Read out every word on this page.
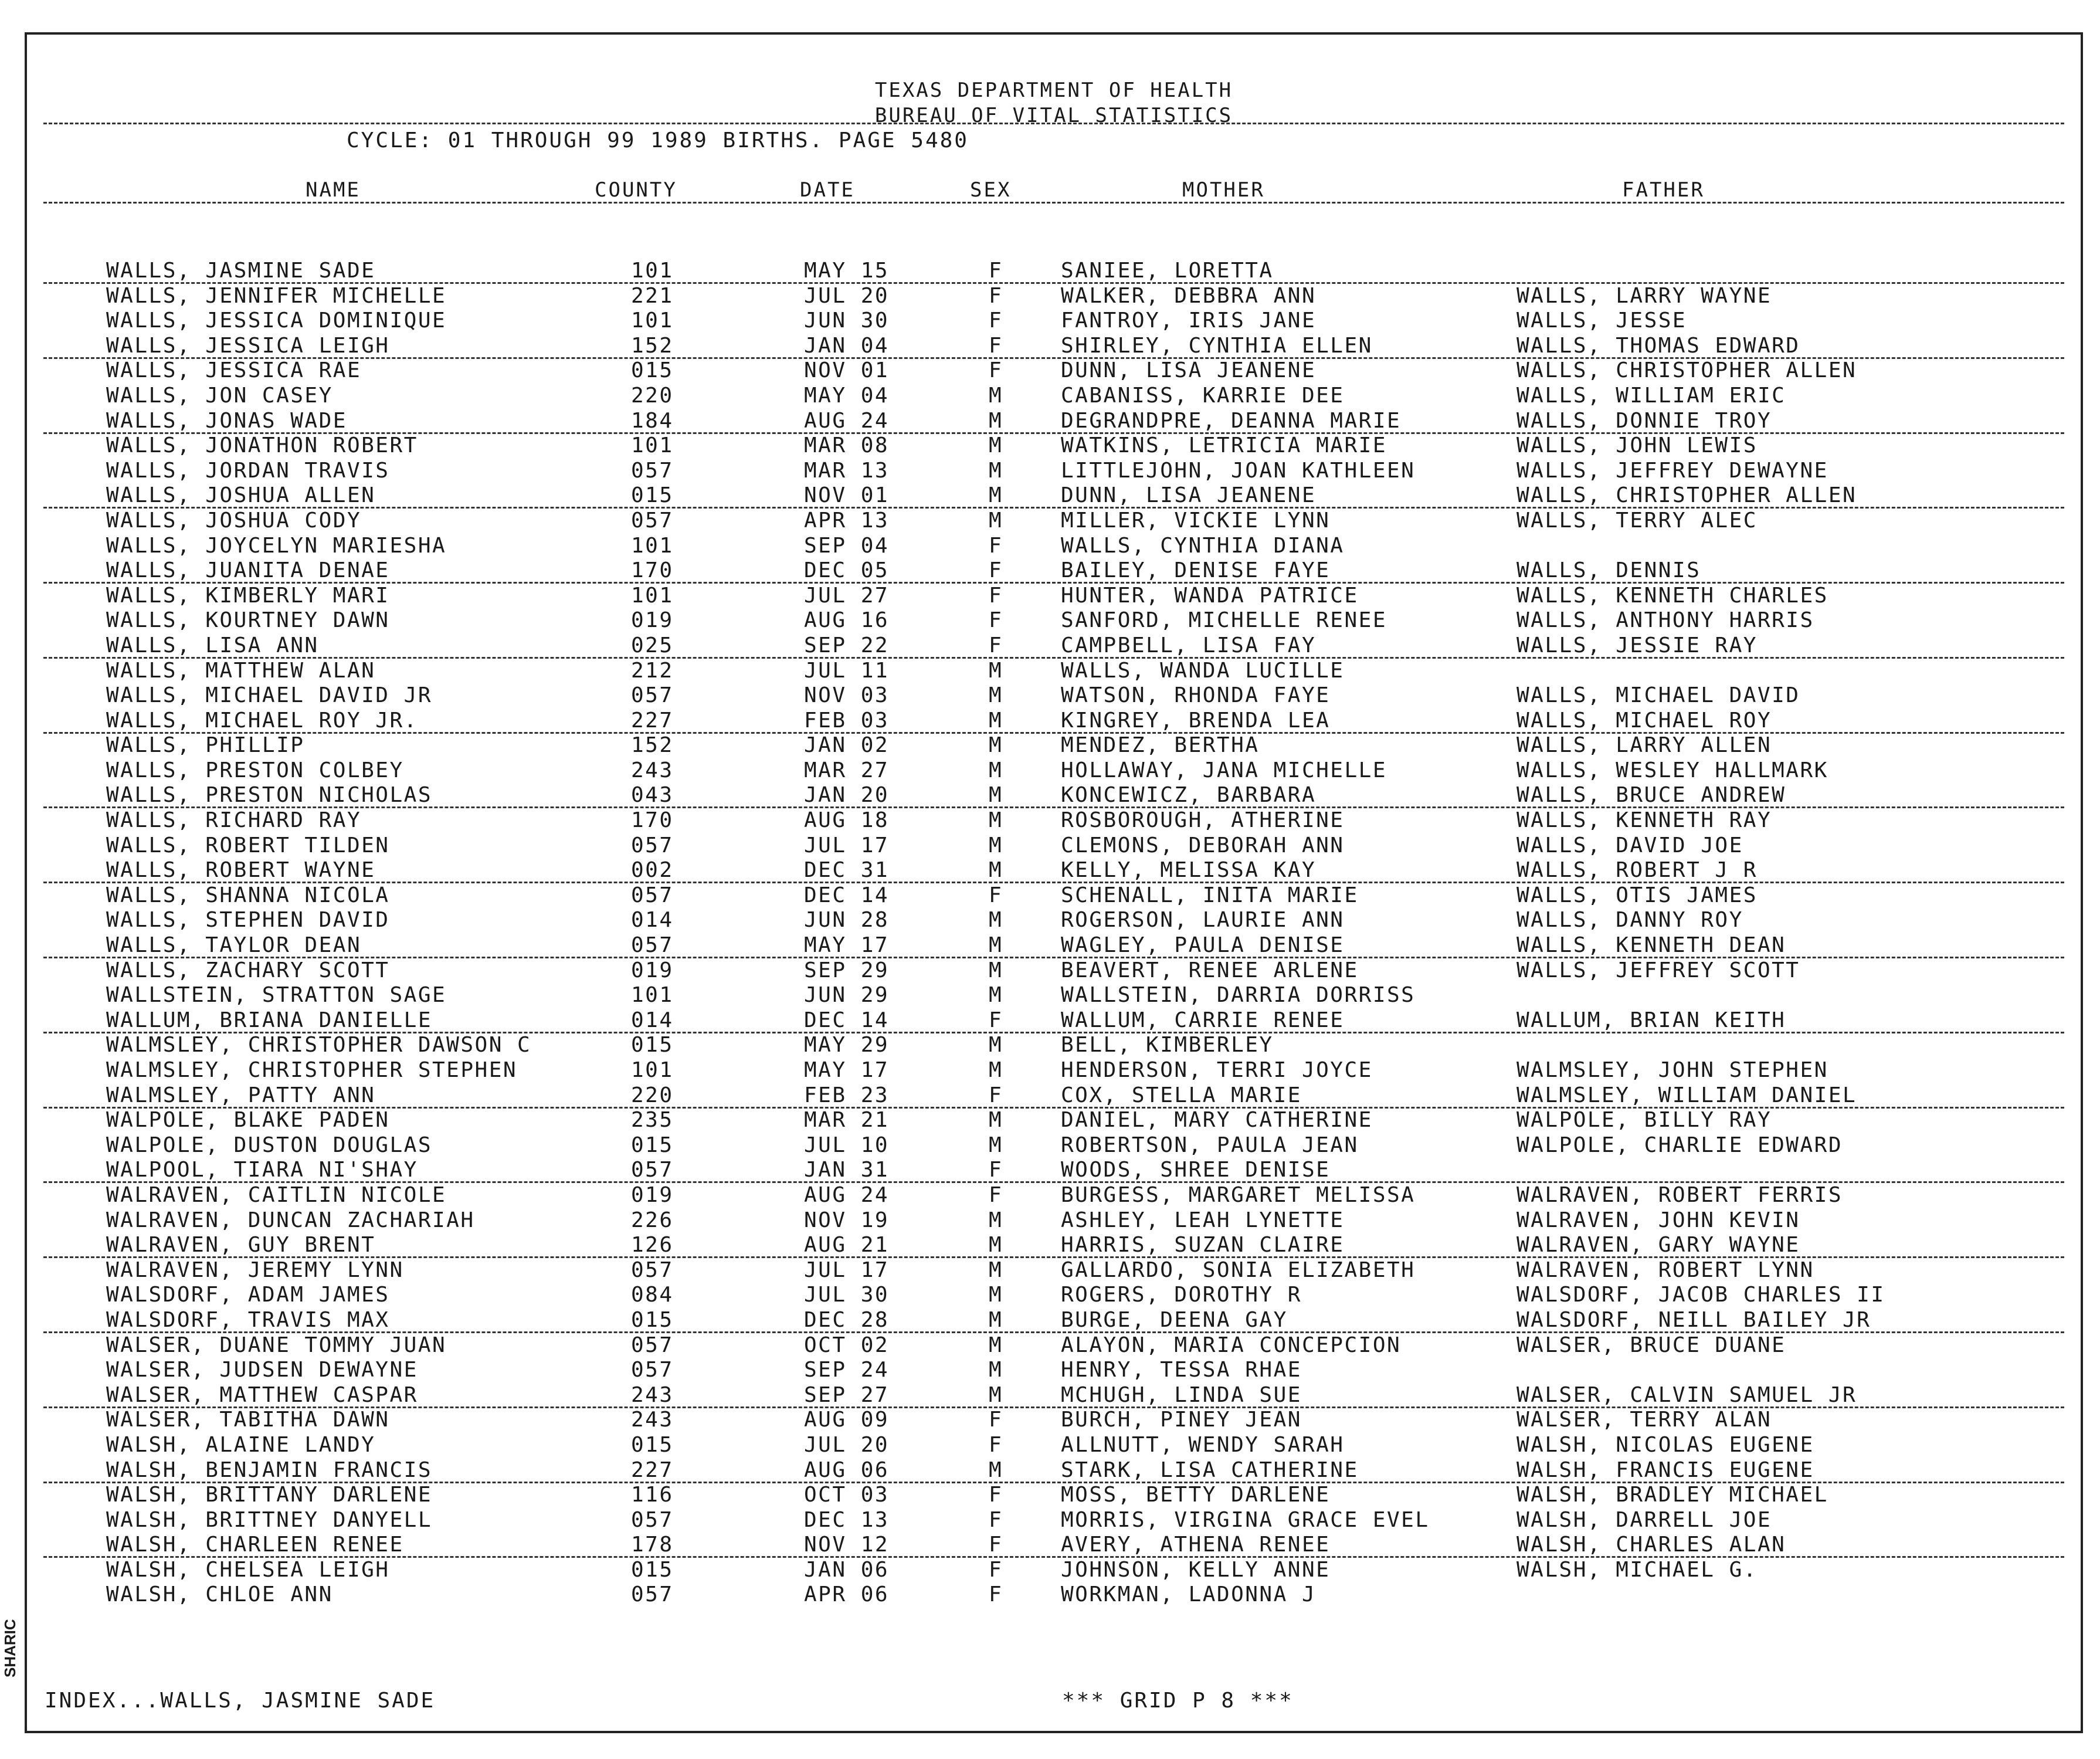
TEXAS DEPARTMENT OF HEALTH
BUREAU OF VITAL STATISTICS
CYCLE: 01 THROUGH 99 1989 BIRTHS. PAGE 5480
NAME	COUNTY	DATE	SEX	MOTHER	FATHER
WALLS, JASMINE SADE	101	MAY 15	F	SANIEE, LORETTA
WALLS, JENNIFER MICHELLE	221	JUL 20	F	WALKER, DEBBRA ANN	WALLS, LARRY WAYNE
WALLS, JESSICA DOMINIQUE	101	JUN 30	F	FANTROY, IRIS JANE	WALLS, JESSE
WALLS, JESSICA LEIGH	152	JAN 04	F	SHIRLEY, CYNTHIA ELLEN	WALLS, THOMAS EDWARD
WALLS, JESSICA RAE	015	NOV 01	F	DUNN, LISA JEANENE	WALLS, CHRISTOPHER ALLEN
WALLS, JON CASEY	220	MAY 04	M	CABANISS, KARRIE DEE	WALLS, WILLIAM ERIC
WALLS, JONAS WADE	184	AUG 24	M	DEGRANDPRE, DEANNA MARIE	WALLS, DONNIE TROY
WALLS, JONATHON ROBERT	101	MAR 08	M	WATKINS, LETRICIA MARIE	WALLS, JOHN LEWIS
WALLS, JORDAN TRAVIS	057	MAR 13	M	LITTLEJOHN, JOAN KATHLEEN	WALLS, JEFFREY DEWAYNE
WALLS, JOSHUA ALLEN	015	NOV 01	M	DUNN, LISA JEANENE	WALLS, CHRISTOPHER ALLEN
WALLS, JOSHUA CODY	057	APR 13	M	MILLER, VICKIE LYNN	WALLS, TERRY ALEC
WALLS, JOYCELYN MARIESHA	101	SEP 04	F	WALLS, CYNTHIA DIANA
WALLS, JUANITA DENAE	170	DEC 05	F	BAILEY, DENISE FAYE	WALLS, DENNIS
WALLS, KIMBERLY MARI	101	JUL 27	F	HUNTER, WANDA PATRICE	WALLS, KENNETH CHARLES
WALLS, KOURTNEY DAWN	019	AUG 16	F	SANFORD, MICHELLE RENEE	WALLS, ANTHONY HARRIS
WALLS, LISA ANN	025	SEP 22	F	CAMPBELL, LISA FAY	WALLS, JESSIE RAY
WALLS, MATTHEW ALAN	212	JUL 11	M	WALLS, WANDA LUCILLE
WALLS, MICHAEL DAVID JR	057	NOV 03	M	WATSON, RHONDA FAYE	WALLS, MICHAEL DAVID
WALLS, MICHAEL ROY JR.	227	FEB 03	M	KINGREY, BRENDA LEA	WALLS, MICHAEL ROY
WALLS, PHILLIP	152	JAN 02	M	MENDEZ, BERTHA	WALLS, LARRY ALLEN
WALLS, PRESTON COLBEY	243	MAR 27	M	HOLLAWAY, JANA MICHELLE	WALLS, WESLEY HALLMARK
WALLS, PRESTON NICHOLAS	043	JAN 20	M	KONCEWICZ, BARBARA	WALLS, BRUCE ANDREW
WALLS, RICHARD RAY	170	AUG 18	M	ROSBOROUGH, ATHERINE	WALLS, KENNETH RAY
WALLS, ROBERT TILDEN	057	JUL 17	M	CLEMONS, DEBORAH ANN	WALLS, DAVID JOE
WALLS, ROBERT WAYNE	002	DEC 31	M	KELLY, MELISSA KAY	WALLS, ROBERT J R
WALLS, SHANNA NICOLA	057	DEC 14	F	SCHENALL, INITA MARIE	WALLS, OTIS JAMES
WALLS, STEPHEN DAVID	014	JUN 28	M	ROGERSON, LAURIE ANN	WALLS, DANNY ROY
WALLS, TAYLOR DEAN	057	MAY 17	M	WAGLEY, PAULA DENISE	WALLS, KENNETH DEAN
WALLS, ZACHARY SCOTT	019	SEP 29	M	BEAVERT, RENEE ARLENE	WALLS, JEFFREY SCOTT
WALLSTEIN, STRATTON SAGE	101	JUN 29	M	WALLSTEIN, DARRIA DORRISS
WALLUM, BRIANA DANIELLE	014	DEC 14	F	WALLUM, CARRIE RENEE	WALLUM, BRIAN KEITH
WALMSLEY, CHRISTOPHER DAWSON C	015	MAY 29	M	BELL, KIMBERLEY
WALMSLEY, CHRISTOPHER STEPHEN	101	MAY 17	M	HENDERSON, TERRI JOYCE	WALMSLEY, JOHN STEPHEN
WALMSLEY, PATTY ANN	220	FEB 23	F	COX, STELLA MARIE	WALMSLEY, WILLIAM DANIEL
WALPOLE, BLAKE PADEN	235	MAR 21	M	DANIEL, MARY CATHERINE	WALPOLE, BILLY RAY
WALPOLE, DUSTON DOUGLAS	015	JUL 10	M	ROBERTSON, PAULA JEAN	WALPOLE, CHARLIE EDWARD
WALPOOL, TIARA NI'SHAY	057	JAN 31	F	WOODS, SHREE DENISE
WALRAVEN, CAITLIN NICOLE	019	AUG 24	F	BURGESS, MARGARET MELISSA	WALRAVEN, ROBERT FERRIS
WALRAVEN, DUNCAN ZACHARIAH	226	NOV 19	M	ASHLEY, LEAH LYNETTE	WALRAVEN, JOHN KEVIN
WALRAVEN, GUY BRENT	126	AUG 21	M	HARRIS, SUZAN CLAIRE	WALRAVEN, GARY WAYNE
WALRAVEN, JEREMY LYNN	057	JUL 17	M	GALLARDO, SONIA ELIZABETH	WALRAVEN, ROBERT LYNN
WALSDORF, ADAM JAMES	084	JUL 30	M	ROGERS, DOROTHY R	WALSDORF, JACOB CHARLES II
WALSDORF, TRAVIS MAX	015	DEC 28	M	BURGE, DEENA GAY	WALSDORF, NEILL BAILEY JR
WALSER, DUANE TOMMY JUAN	057	OCT 02	M	ALAYON, MARIA CONCEPCION	WALSER, BRUCE DUANE
WALSER, JUDSEN DEWAYNE	057	SEP 24	M	HENRY, TESSA RHAE
WALSER, MATTHEW CASPAR	243	SEP 27	M	MCHUGH, LINDA SUE	WALSER, CALVIN SAMUEL JR
WALSER, TABITHA DAWN	243	AUG 09	F	BURCH, PINEY JEAN	WALSER, TERRY ALAN
WALSH, ALAINE LANDY	015	JUL 20	F	ALLNUTT, WENDY SARAH	WALSH, NICOLAS EUGENE
WALSH, BENJAMIN FRANCIS	227	AUG 06	M	STARK, LISA CATHERINE	WALSH, FRANCIS EUGENE
WALSH, BRITTANY DARLENE	116	OCT 03	F	MOSS, BETTY DARLENE	WALSH, BRADLEY MICHAEL
WALSH, BRITTNEY DANYELL	057	DEC 13	F	MORRIS, VIRGINA GRACE EVEL	WALSH, DARRELL JOE
WALSH, CHARLEEN RENEE	178	NOV 12	F	AVERY, ATHENA RENEE	WALSH, CHARLES ALAN
WALSH, CHELSEA LEIGH	015	JAN 06	F	JOHNSON, KELLY ANNE	WALSH, MICHAEL G.
WALSH, CHLOE ANN	057	APR 06	F	WORKMAN, LADONNA J
INDEX...WALLS, JASMINE SADE	*** GRID P 8 ***
SHARIC
